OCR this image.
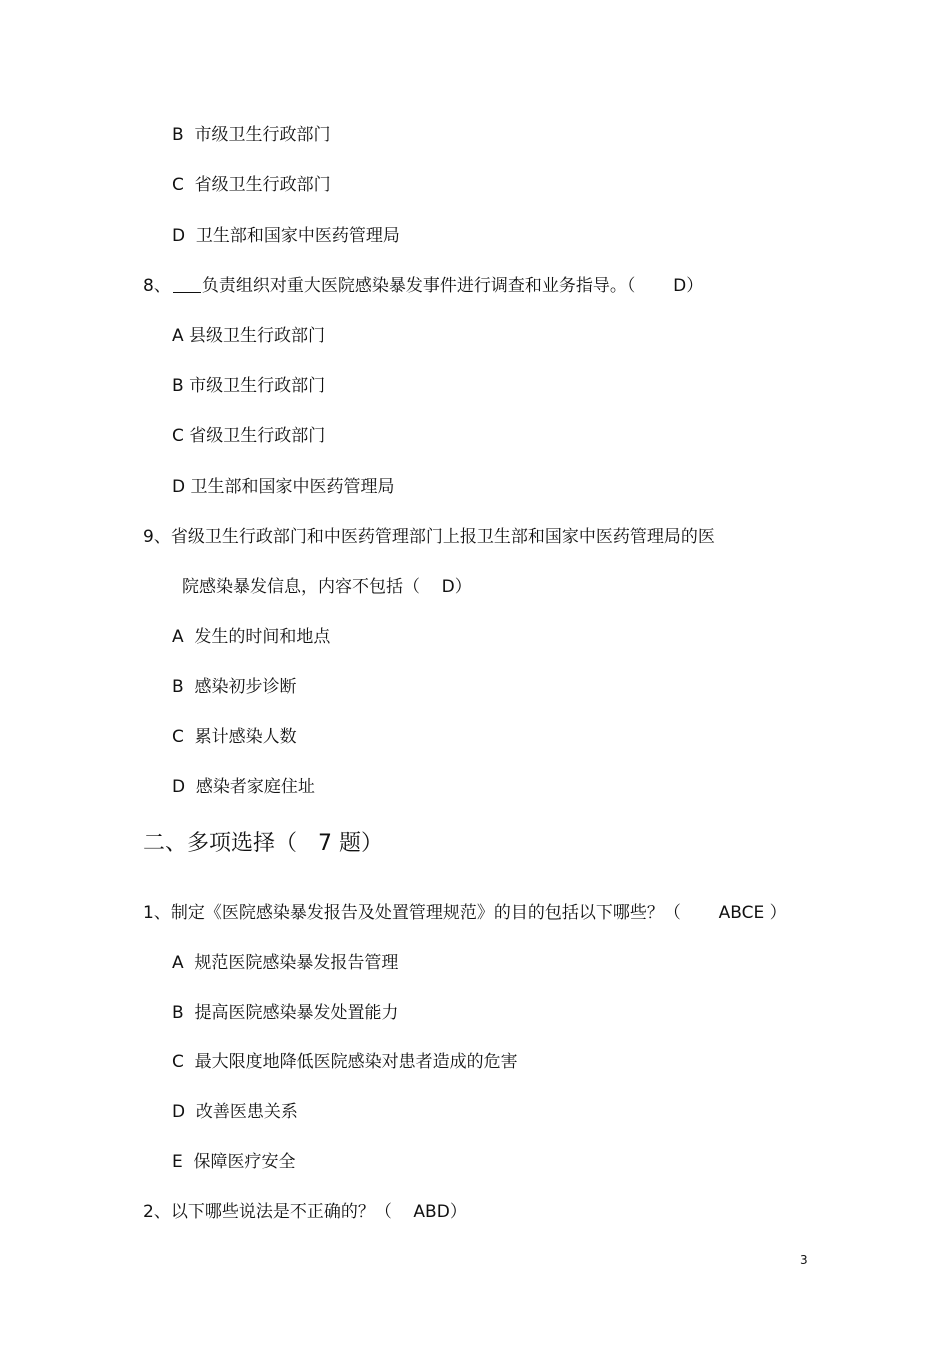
B  市级卫生行政部门
C  省级卫生行政部门
D  卫生部和国家中医药管理局
8、 负责组织对重大医院感染暴发事件进行调查和业务指导。（       D）
A 县级卫生行政部门
B 市级卫生行政部门
C 省级卫生行政部门
D 卫生部和国家中医药管理局
9、省级卫生行政部门和中医药管理部门上报卫生部和国家中医药管理局的医
院感染暴发信息，内容不包括（    D）
A  发生的时间和地点
B  感染初步诊断
C  累计感染人数
D  感染者家庭住址
二、多项选择（   7 题）
1、制定《医院感染暴发报告及处置管理规范》的目的包括以下哪些？（       ABCE ）
A  规范医院感染暴发报告管理
B  提高医院感染暴发处置能力
C  最大限度地降低医院感染对患者造成的危害
D  改善医患关系
E  保障医疗安全
2、以下哪些说法是不正确的？（    ABD）
3
